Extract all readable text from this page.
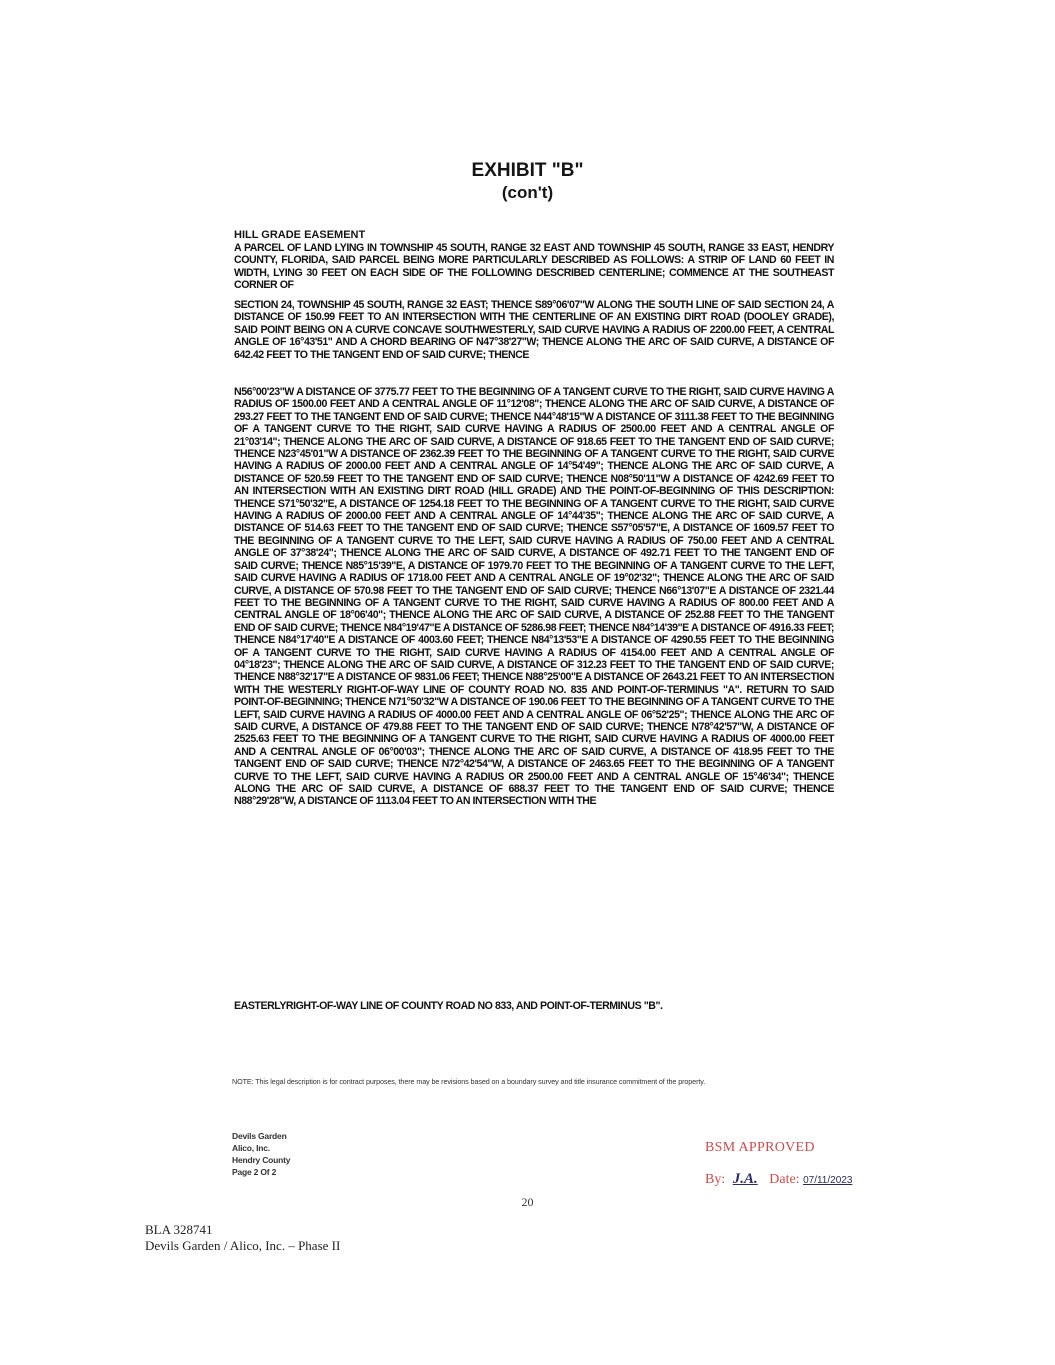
EXHIBIT "B"
(con't)
HILL GRADE EASEMENT
A PARCEL OF LAND LYING IN TOWNSHIP 45 SOUTH, RANGE 32 EAST AND TOWNSHIP 45 SOUTH, RANGE 33 EAST, HENDRY COUNTY, FLORIDA, SAID PARCEL BEING MORE PARTICULARLY DESCRIBED AS FOLLOWS: A STRIP OF LAND 60 FEET IN WIDTH, LYING 30 FEET ON EACH SIDE OF THE FOLLOWING DESCRIBED CENTERLINE; COMMENCE AT THE SOUTHEAST CORNER OF
SECTION 24, TOWNSHIP 45 SOUTH, RANGE 32 EAST; THENCE S89°06'07"W ALONG THE SOUTH LINE OF SAID SECTION 24, A DISTANCE OF 150.99 FEET TO AN INTERSECTION WITH THE CENTERLINE OF AN EXISTING DIRT ROAD (DOOLEY GRADE), SAID POINT BEING ON A CURVE CONCAVE SOUTHWESTERLY, SAID CURVE HAVING A RADIUS OF 2200.00 FEET, A CENTRAL ANGLE OF 16°43'51" AND A CHORD BEARING OF N47°38'27"W; THENCE ALONG THE ARC OF SAID CURVE, A DISTANCE OF 642.42 FEET TO THE TANGENT END OF SAID CURVE; THENCE
N56°00'23"W A DISTANCE OF 3775.77 FEET TO THE BEGINNING OF A TANGENT CURVE TO THE RIGHT, SAID CURVE HAVING A RADIUS OF 1500.00 FEET AND A CENTRAL ANGLE OF 11°12'08"; THENCE ALONG THE ARC OF SAID CURVE, A DISTANCE OF 293.27 FEET TO THE TANGENT END OF SAID CURVE; THENCE N44°48'15"W A DISTANCE OF 3111.38 FEET TO THE BEGINNING OF A TANGENT CURVE TO THE RIGHT, SAID CURVE HAVING A RADIUS OF 2500.00 FEET AND A CENTRAL ANGLE OF 21°03'14"; THENCE ALONG THE ARC OF SAID CURVE, A DISTANCE OF 918.65 FEET TO THE TANGENT END OF SAID CURVE; THENCE N23°45'01"W A DISTANCE OF 2362.39 FEET TO THE BEGINNING OF A TANGENT CURVE TO THE RIGHT, SAID CURVE HAVING A RADIUS OF 2000.00 FEET AND A CENTRAL ANGLE OF 14°54'49"; THENCE ALONG THE ARC OF SAID CURVE, A DISTANCE OF 520.59 FEET TO THE TANGENT END OF SAID CURVE; THENCE N08°50'11"W A DISTANCE OF 4242.69 FEET TO AN INTERSECTION WITH AN EXISTING DIRT ROAD (HILL GRADE) AND THE POINT-OF-BEGINNING OF THIS DESCRIPTION: THENCE S71°50'32"E, A DISTANCE OF 1254.18 FEET TO THE BEGINNING OF A TANGENT CURVE TO THE RIGHT, SAID CURVE HAVING A RADIUS OF 2000.00 FEET AND A CENTRAL ANGLE OF 14°44'35"; THENCE ALONG THE ARC OF SAID CURVE, A DISTANCE OF 514.63 FEET TO THE TANGENT END OF SAID CURVE; THENCE S57°05'57"E, A DISTANCE OF 1609.57 FEET TO THE BEGINNING OF A TANGENT CURVE TO THE LEFT, SAID CURVE HAVING A RADIUS OF 750.00 FEET AND A CENTRAL ANGLE OF 37°38'24"; THENCE ALONG THE ARC OF SAID CURVE, A DISTANCE OF 492.71 FEET TO THE TANGENT END OF SAID CURVE; THENCE N85°15'39"E, A DISTANCE OF 1979.70 FEET TO THE BEGINNING OF A TANGENT CURVE TO THE LEFT, SAID CURVE HAVING A RADIUS OF 1718.00 FEET AND A CENTRAL ANGLE OF 19°02'32"; THENCE ALONG THE ARC OF SAID CURVE, A DISTANCE OF 570.98 FEET TO THE TANGENT END OF SAID CURVE; THENCE N66°13'07"E A DISTANCE OF 2321.44 FEET TO THE BEGINNING OF A TANGENT CURVE TO THE RIGHT, SAID CURVE HAVING A RADIUS OF 800.00 FEET AND A CENTRAL ANGLE OF 18°06'40"; THENCE ALONG THE ARC OF SAID CURVE, A DISTANCE OF 252.88 FEET TO THE TANGENT END OF SAID CURVE; THENCE N84°19'47"E A DISTANCE OF 5286.98 FEET; THENCE N84°14'39"E A DISTANCE OF 4916.33 FEET; THENCE N84°17'40"E A DISTANCE OF 4003.60 FEET; THENCE N84°13'53"E A DISTANCE OF 4290.55 FEET TO THE BEGINNING OF A TANGENT CURVE TO THE RIGHT, SAID CURVE HAVING A RADIUS OF 4154.00 FEET AND A CENTRAL ANGLE OF 04°18'23"; THENCE ALONG THE ARC OF SAID CURVE, A DISTANCE OF 312.23 FEET TO THE TANGENT END OF SAID CURVE; THENCE N88°32'17"E A DISTANCE OF 9831.06 FEET; THENCE N88°25'00"E A DISTANCE OF 2643.21 FEET TO AN INTERSECTION WITH THE WESTERLY RIGHT-OF-WAY LINE OF COUNTY ROAD NO. 835 AND POINT-OF-TERMINUS "A". RETURN TO SAID POINT-OF-BEGINNING; THENCE N71°50'32"W A DISTANCE OF 190.06 FEET TO THE BEGINNING OF A TANGENT CURVE TO THE LEFT, SAID CURVE HAVING A RADIUS OF 4000.00 FEET AND A CENTRAL ANGLE OF 06°52'25"; THENCE ALONG THE ARC OF SAID CURVE, A DISTANCE OF 479.88 FEET TO THE TANGENT END OF SAID CURVE; THENCE N78°42'57"W, A DISTANCE OF 2525.63 FEET TO THE BEGINNING OF A TANGENT CURVE TO THE RIGHT, SAID CURVE HAVING A RADIUS OF 4000.00 FEET AND A CENTRAL ANGLE OF 06°00'03"; THENCE ALONG THE ARC OF SAID CURVE, A DISTANCE OF 418.95 FEET TO THE TANGENT END OF SAID CURVE; THENCE N72°42'54"W, A DISTANCE OF 2463.65 FEET TO THE BEGINNING OF A TANGENT CURVE TO THE LEFT, SAID CURVE HAVING A RADIUS OR 2500.00 FEET AND A CENTRAL ANGLE OF 15°46'34"; THENCE ALONG THE ARC OF SAID CURVE, A DISTANCE OF 688.37 FEET TO THE TANGENT END OF SAID CURVE; THENCE N88°29'28"W, A DISTANCE OF 1113.04 FEET TO AN INTERSECTION WITH THE
EASTERLYRIGHT-OF-WAY LINE OF COUNTY ROAD NO 833, AND POINT-OF-TERMINUS "B".
NOTE: This legal description is for contract purposes, there may be revisions based on a boundary survey and title insurance commitment of the property.
Devils Garden
Alico, Inc.
Hendry County
Page 2 Of 2
BSM APPROVED
By: J.A. Date: 07/11/2023
20
BLA 328741
Devils Garden / Alico, Inc. – Phase II
